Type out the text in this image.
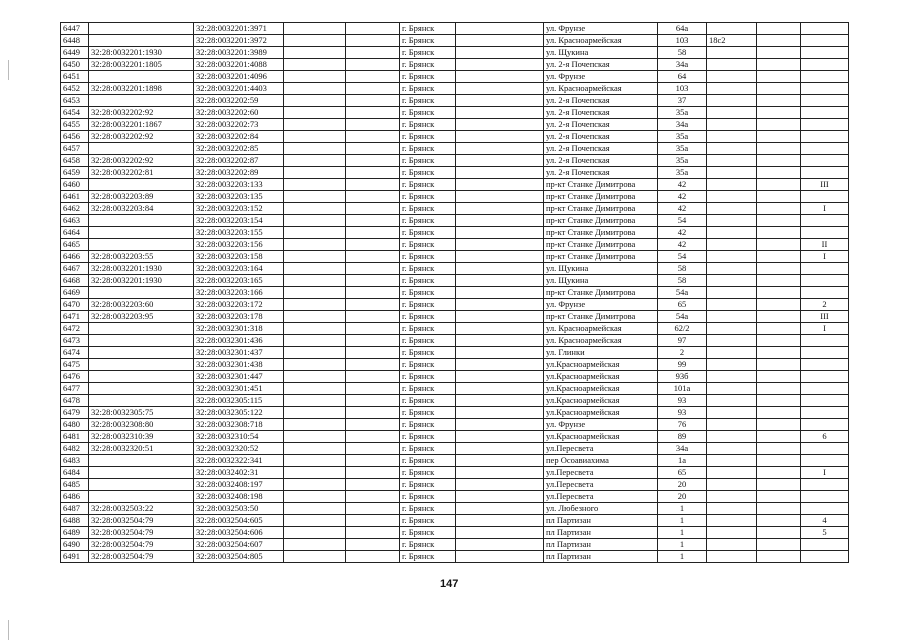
6447		32:28:0032201:3971			г. Брянск		ул. Фрунзе	64а			
6448		32:28:0032201:3972			г. Брянск		ул. Красноармейская	103	18с2		
6449	32:28:0032201:1930	32:28:0032201:3989			г. Брянск		ул. Щукина	58			
6450	32:28:0032201:1805	32:28:0032201:4088			г. Брянск		ул. 2-я Почепская	34а			
6451		32:28:0032201:4096			г. Брянск		ул. Фрунзе	64			
6452	32:28:0032201:1898	32:28:0032201:4403			г. Брянск		ул. Красноармейская	103			
6453		32:28:0032202:59			г. Брянск		ул. 2-я Почепская	37			
6454	32:28:0032202:92	32:28:0032202:60			г. Брянск		ул. 2-я Почепская	35а			
6455	32:28:0032201:1867	32:28:0032202:73			г. Брянск		ул. 2-я Почепская	34а			
6456	32:28:0032202:92	32:28:0032202:84			г. Брянск		ул. 2-я Почепская	35а			
6457		32:28:0032202:85			г. Брянск		ул. 2-я Почепская	35а			
6458	32:28:0032202:92	32:28:0032202:87			г. Брянск		ул. 2-я Почепская	35а			
6459	32:28:0032202:81	32:28:0032202:89			г. Брянск		ул. 2-я Почепская	35а			
6460		32:28:0032203:133			г. Брянск		пр-кт Станке Димитрова	42			III
6461	32:28:0032203:89	32:28:0032203:135			г. Брянск		пр-кт Станке Димитрова	42			
6462	32:28:0032203:84	32:28:0032203:152			г. Брянск		пр-кт Станке Димитрова	42			I
6463		32:28:0032203:154			г. Брянск		пр-кт Станке Димитрова	54			
6464		32:28:0032203:155			г. Брянск		пр-кт Станке Димитрова	42			
6465		32:28:0032203:156			г. Брянск		пр-кт Станке Димитрова	42			II
6466	32:28:0032203:55	32:28:0032203:158			г. Брянск		пр-кт Станке Димитрова	54			I
6467	32:28:0032201:1930	32:28:0032203:164			г. Брянск		ул. Щукина	58			
6468	32:28:0032201:1930	32:28:0032203:165			г. Брянск		ул. Щукина	58			
6469		32:28:0032203:166			г. Брянск		пр-кт Станке Димитрова	54а			
6470	32:28:0032203:60	32:28:0032203:172			г. Брянск		ул. Фрунзе	65			2
6471	32:28:0032203:95	32:28:0032203:178			г. Брянск		пр-кт Станке Димитрова	54а			III
6472		32:28:0032301:318			г. Брянск		ул. Красноармейская	62/2			I
6473		32:28:0032301:436			г. Брянск		ул. Красноармейская	97			
6474		32:28:0032301:437			г. Брянск		ул. Глинки	2			
6475		32:28:0032301:438			г. Брянск		ул.Красноармейская	99			
6476		32:28:0032301:447			г. Брянск		ул.Красноармейская	93б			
6477		32:28:0032301:451			г. Брянск		ул.Красноармейская	101а			
6478		32:28:0032305:115			г. Брянск		ул.Красноармейская	93			
6479	32:28:0032305:75	32:28:0032305:122			г. Брянск		ул.Красноармейская	93			
6480	32:28:0032308:80	32:28:0032308:718			г. Брянск		ул. Фрунзе	76			
6481	32:28:0032310:39	32:28:0032310:54			г. Брянск		ул.Красноармейская	89			6
6482	32:28:0032320:51	32:28:0032320:52			г. Брянск		ул.Пересвета	34а			
6483		32:28:0032322:341			г. Брянск		пер Осоавиахима	1а			
6484		32:28:0032402:31			г. Брянск		ул.Пересвета	65			I
6485		32:28:0032408:197			г. Брянск		ул.Пересвета	20			
6486		32:28:0032408:198			г. Брянск		ул.Пересвета	20			
6487	32:28:0032503:22	32:28:0032503:50			г. Брянск		ул. Любезного	1			
6488	32:28:0032504:79	32:28:0032504:605			г. Брянск		пл Партизан	1			4
6489	32:28:0032504:79	32:28:0032504:606			г. Брянск		пл Партизан	1			5
6490	32:28:0032504:79	32:28:0032504:607			г. Брянск		пл Партизан	1			
6491	32:28:0032504:79	32:28:0032504:805			г. Брянск		пл Партизан	1			
147
